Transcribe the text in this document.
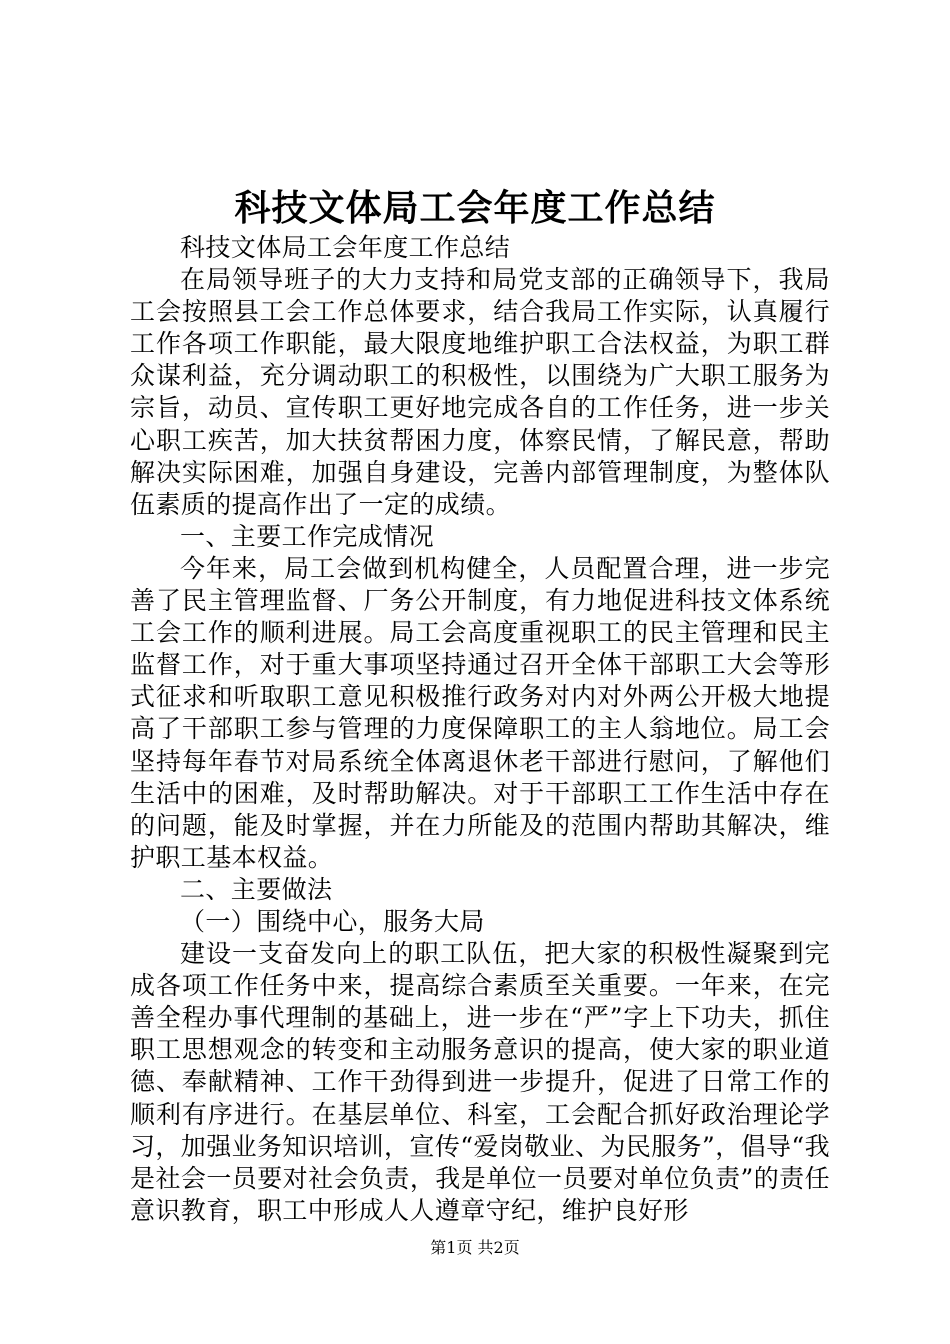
科技文体局工会年度工作总结

科技文体局工会年度工作总结

在局领导班子的大力支持和局党支部的正确领导下，我局工会按照县工会工作总体要求，结合我局工作实际，认真履行工作各项工作职能，最大限度地维护职工合法权益，为职工群众谋利益，充分调动职工的积极性，以围绕为广大职工服务为宗旨，动员、宣传职工更好地完成各自的工作任务，进一步关心职工疾苦，加大扶贫帮困力度，体察民情，了解民意，帮助解决实际困难，加强自身建设，完善内部管理制度，为整体队伍素质的提高作出了一定的成绩。

一、主要工作完成情况

今年来，局工会做到机构健全，人员配置合理，进一步完善了民主管理监督、厂务公开制度，有力地促进科技文体系统工会工作的顺利进展。局工会高度重视职工的民主管理和民主监督工作，对于重大事项坚持通过召开全体干部职工大会等形式征求和听取职工意见积极推行政务对内对外两公开极大地提高了干部职工参与管理的力度保障职工的主人翁地位。局工会坚持每年春节对局系统全体离退休老干部进行慰问，了解他们生活中的困难，及时帮助解决。对于干部职工工作生活中存在的问题，能及时掌握，并在力所能及的范围内帮助其解决，维护职工基本权益。

二、主要做法

（一）围绕中心，服务大局

建设一支奋发向上的职工队伍，把大家的积极性凝聚到完成各项工作任务中来，提高综合素质至关重要。一年来，在完善全程办事代理制的基础上，进一步在“严”字上下功夫，抓住职工思想观念的转变和主动服务意识的提高，使大家的职业道德、奉献精神、工作干劲得到进一步提升，促进了日常工作的顺利有序进行。在基层单位、科室，工会配合抓好政治理论学习，加强业务知识培训，宣传“爱岗敬业、为民服务”，倡导“我是社会一员要对社会负责，我是单位一员要对单位负责”的责任意识教育，职工中形成人人遵章守纪，维护良好形

第1页 共2页
